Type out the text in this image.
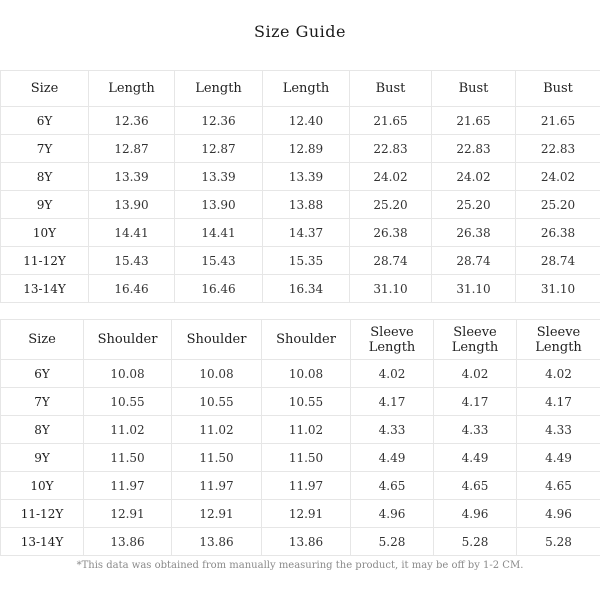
Size Guide
Size	Length	Length	Length	Bust	Bust	Bust
6Y	12.36	12.36	12.40	21.65	21.65	21.65
7Y	12.87	12.87	12.89	22.83	22.83	22.83
8Y	13.39	13.39	13.39	24.02	24.02	24.02
9Y	13.90	13.90	13.88	25.20	25.20	25.20
10Y	14.41	14.41	14.37	26.38	26.38	26.38
11-12Y	15.43	15.43	15.35	28.74	28.74	28.74
13-14Y	16.46	16.46	16.34	31.10	31.10	31.10
Size	Shoulder	Shoulder	Shoulder	Sleeve Length	Sleeve Length	Sleeve Length
6Y	10.08	10.08	10.08	4.02	4.02	4.02
7Y	10.55	10.55	10.55	4.17	4.17	4.17
8Y	11.02	11.02	11.02	4.33	4.33	4.33
9Y	11.50	11.50	11.50	4.49	4.49	4.49
10Y	11.97	11.97	11.97	4.65	4.65	4.65
11-12Y	12.91	12.91	12.91	4.96	4.96	4.96
13-14Y	13.86	13.86	13.86	5.28	5.28	5.28
*This data was obtained from manually measuring the product, it may be off by 1-2 CM.
